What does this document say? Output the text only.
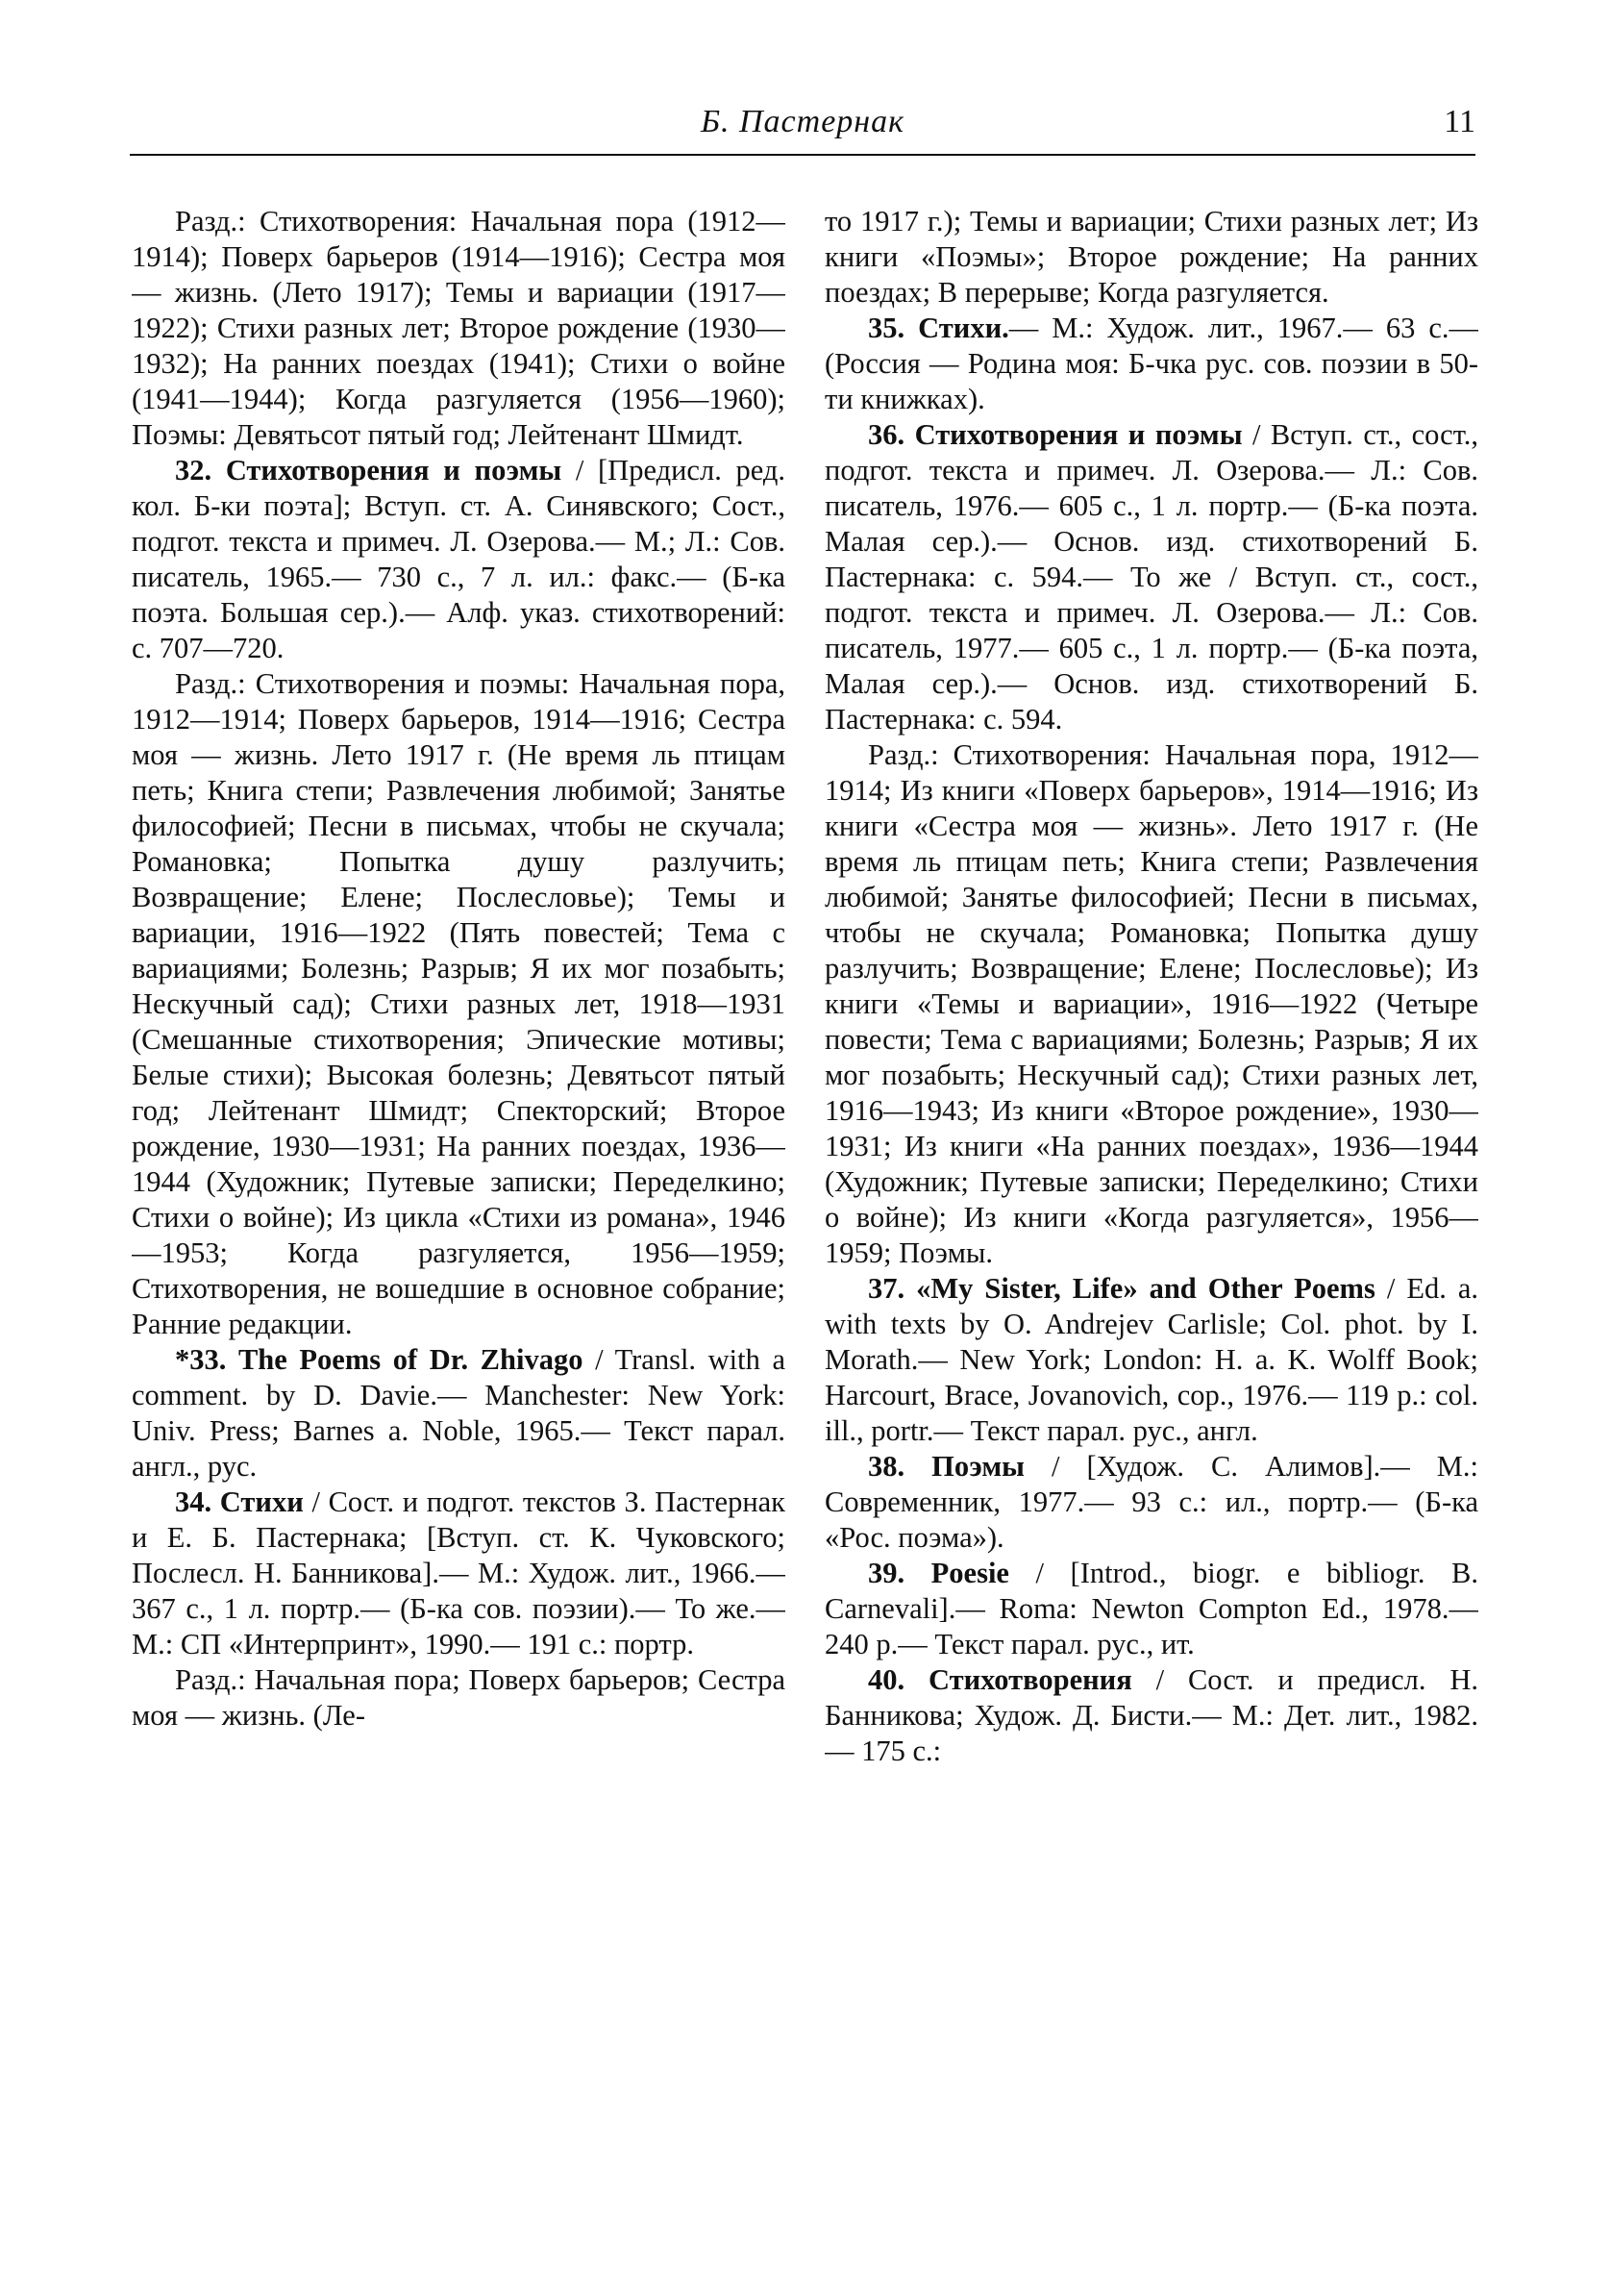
Б. Пастернак	11

Разд.: Стихотворения: Начальная пора (1912—1914); Поверх барьеров (1914—1916); Сестра моя — жизнь. (Лето 1917); Темы и вариации (1917—1922); Стихи разных лет; Второе рождение (1930—1932); На ранних поездах (1941); Стихи о войне (1941—1944); Когда разгуляется (1956—1960); Поэмы: Девятьсот пятый год; Лейтенант Шмидт.

32. Стихотворения и поэмы / [Предисл. ред. кол. Б-ки поэта]; Вступ. ст. А. Синявского; Сост., подгот. текста и примеч. Л. Озерова.— М.; Л.: Сов. писатель, 1965.— 730 с., 7 л. ил.: факс.— (Б-ка поэта. Большая сер.).— Алф. указ. стихотворений: с. 707—720.

Разд.: Стихотворения и поэмы: Начальная пора, 1912—1914; Поверх барьеров, 1914—1916; Сестра моя — жизнь. Лето 1917 г. (Не время ль птицам петь; Книга степи; Развлечения любимой; Занятье философией; Песни в письмах, чтобы не скучала; Романовка; Попытка душу разлучить; Возвращение; Елене; Послесловье); Темы и вариации, 1916—1922 (Пять повестей; Тема с вариациями; Болезнь; Разрыв; Я их мог позабыть; Нескучный сад); Стихи разных лет, 1918—1931 (Смешанные стихотворения; Эпические мотивы; Белые стихи); Высокая болезнь; Девятьсот пятый год; Лейтенант Шмидт; Спекторский; Второе рождение, 1930—1931; На ранних поездах, 1936—1944 (Художник; Путевые записки; Переделкино; Стихи о войне); Из цикла «Стихи из романа», 1946—1953; Когда разгуляется, 1956—1959; Стихотворения, не вошедшие в основное собрание; Ранние редакции.

*33. The Poems of Dr. Zhivago / Transl. with a comment. by D. Davie.— Manchester: New York: Univ. Press; Barnes a. Noble, 1965.— Текст парал. англ., рус.

34. Стихи / Сост. и подгот. текстов З. Пастернак и Е. Б. Пастернака; [Вступ. ст. К. Чуковского; Послесл. Н. Банникова].— М.: Худож. лит., 1966.— 367 с., 1 л. портр.— (Б-ка сов. поэзии).— То же.— М.: СП «Интерпринт», 1990.— 191 с.: портр.

Разд.: Начальная пора; Поверх барьеров; Сестра моя — жизнь. (Ле-

то 1917 г.); Темы и вариации; Стихи разных лет; Из книги «Поэмы»; Второе рождение; На ранних поездах; В перерыве; Когда разгуляется.

35. Стихи.— М.: Худож. лит., 1967.— 63 с.— (Россия — Родина моя: Б-чка рус. сов. поэзии в 50-ти книжках).

36. Стихотворения и поэмы / Вступ. ст., сост., подгот. текста и примеч. Л. Озерова.— Л.: Сов. писатель, 1976.— 605 с., 1 л. портр.— (Б-ка поэта. Малая сер.).— Основ. изд. стихотворений Б. Пастернака: с. 594.— То же / Вступ. ст., сост., подгот. текста и примеч. Л. Озерова.— Л.: Сов. писатель, 1977.— 605 с., 1 л. портр.— (Б-ка поэта, Малая сер.).— Основ. изд. стихотворений Б. Пастернака: с. 594.

Разд.: Стихотворения: Начальная пора, 1912—1914; Из книги «Поверх барьеров», 1914—1916; Из книги «Сестра моя — жизнь». Лето 1917 г. (Не время ль птицам петь; Книга степи; Развлечения любимой; Занятье философией; Песни в письмах, чтобы не скучала; Романовка; Попытка душу разлучить; Возвращение; Елене; Послесловье); Из книги «Темы и вариации», 1916—1922 (Четыре повести; Тема с вариациями; Болезнь; Разрыв; Я их мог позабыть; Нескучный сад); Стихи разных лет, 1916—1943; Из книги «Второе рождение», 1930—1931; Из книги «На ранних поездах», 1936—1944 (Художник; Путевые записки; Переделкино; Стихи о войне); Из книги «Когда разгуляется», 1956—1959; Поэмы.

37. «My Sister, Life» and Other Poems / Ed. a. with texts by O. Andrejev Carlisle; Col. phot. by I. Morath.— New York; London: H. a. K. Wolff Book; Harcourt, Brace, Jovanovich, cop., 1976.— 119 p.: col. ill., portr.— Текст парал. рус., англ.

38. Поэмы / [Худож. С. Алимов].— М.: Современник, 1977.— 93 с.: ил., портр.— (Б-ка «Рос. поэма»).

39. Poesie / [Introd., biogr. e bibliogr. B. Carnevali].— Roma: Newton Compton Ed., 1978.— 240 p.— Текст парал. рус., ит.

40. Стихотворения / Сост. и предисл. Н. Банникова; Худож. Д. Бисти.— М.: Дет. лит., 1982.— 175 с.:
